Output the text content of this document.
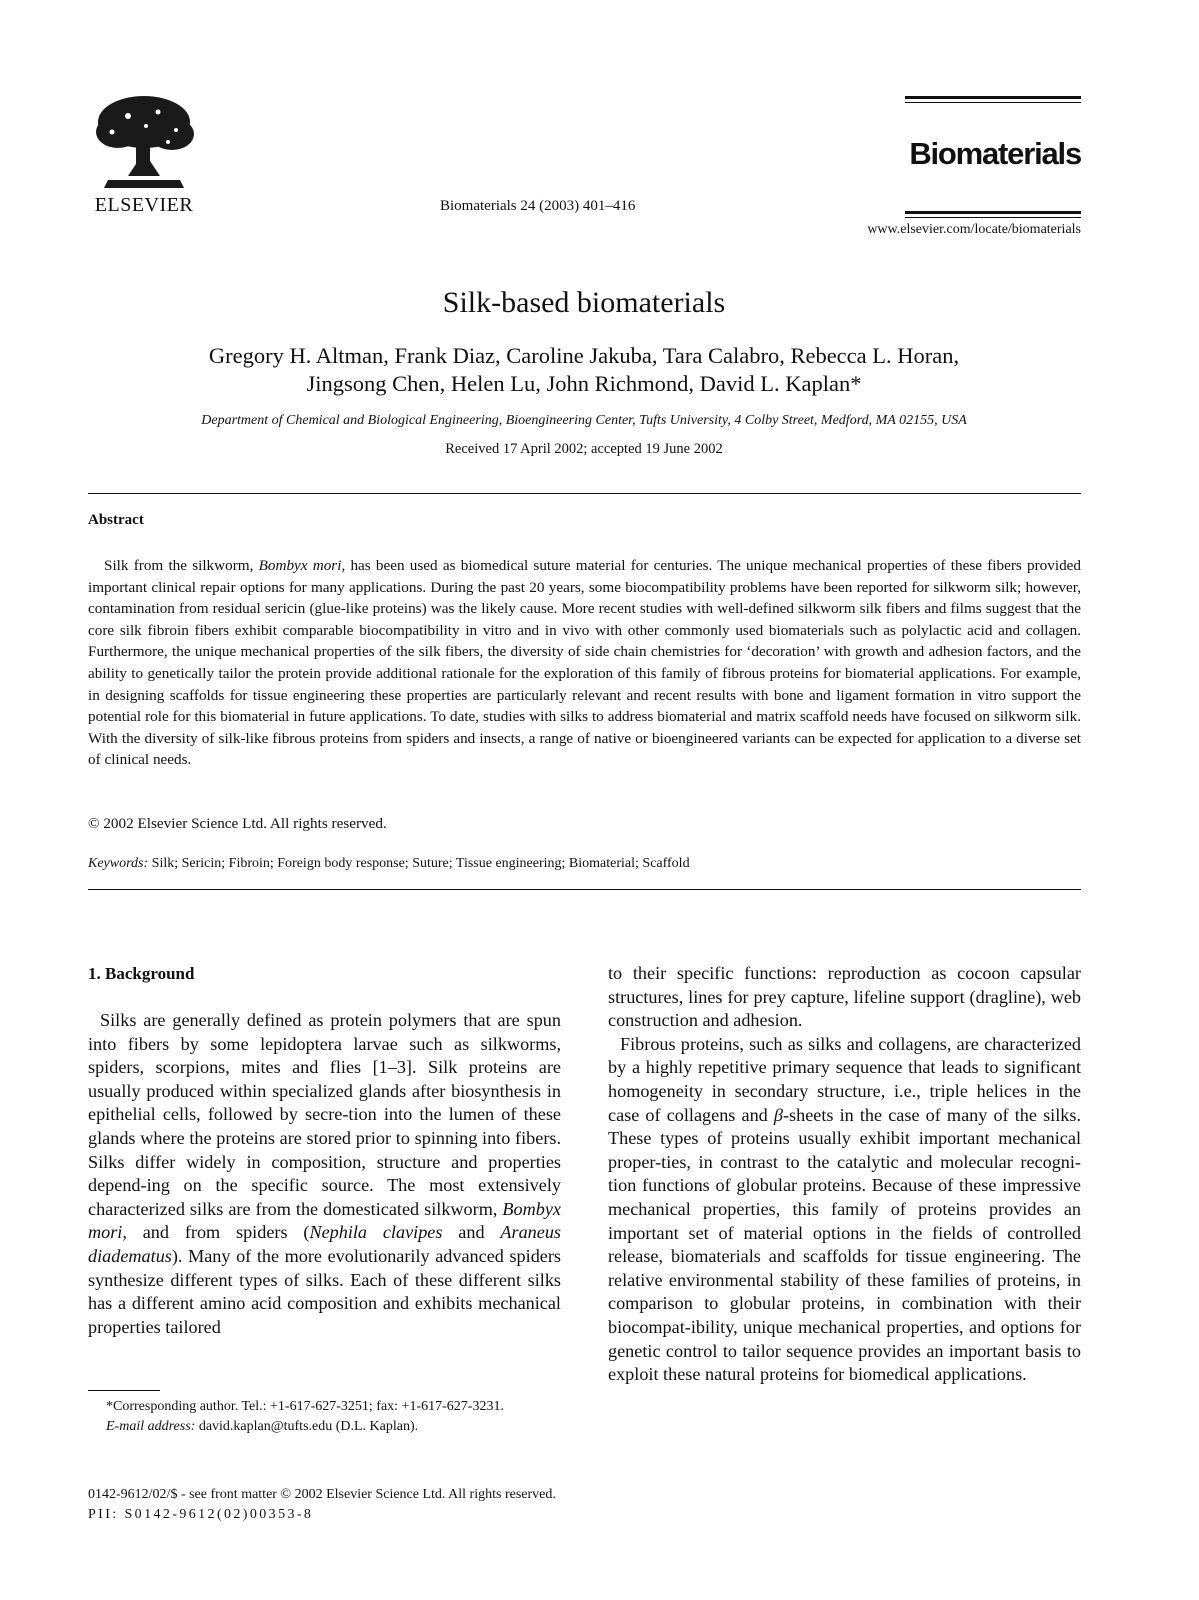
ELSEVIER	Biomaterials 24 (2003) 401–416
Biomaterials
www.elsevier.com/locate/biomaterials
Silk-based biomaterials
Gregory H. Altman, Frank Diaz, Caroline Jakuba, Tara Calabro, Rebecca L. Horan,
Jingsong Chen, Helen Lu, John Richmond, David L. Kaplan*
Department of Chemical and Biological Engineering, Bioengineering Center, Tufts University, 4 Colby Street, Medford, MA 02155, USA
Received 17 April 2002; accepted 19 June 2002
Abstract
Silk from the silkworm, Bombyx mori, has been used as biomedical suture material for centuries. The unique mechanical properties of these fibers provided important clinical repair options for many applications. During the past 20 years, some biocompatibility problems have been reported for silkworm silk; however, contamination from residual sericin (glue-like proteins) was the likely cause. More recent studies with well-defined silkworm silk fibers and films suggest that the core silk fibroin fibers exhibit comparable biocompatibility in vitro and in vivo with other commonly used biomaterials such as polylactic acid and collagen. Furthermore, the unique mechanical properties of the silk fibers, the diversity of side chain chemistries for ‘decoration’ with growth and adhesion factors, and the ability to genetically tailor the protein provide additional rationale for the exploration of this family of fibrous proteins for biomaterial applications. For example, in designing scaffolds for tissue engineering these properties are particularly relevant and recent results with bone and ligament formation in vitro support the potential role for this biomaterial in future applications. To date, studies with silks to address biomaterial and matrix scaffold needs have focused on silkworm silk. With the diversity of silk-like fibrous proteins from spiders and insects, a range of native or bioengineered variants can be expected for application to a diverse set of clinical needs.
© 2002 Elsevier Science Ltd. All rights reserved.
Keywords: Silk; Sericin; Fibroin; Foreign body response; Suture; Tissue engineering; Biomaterial; Scaffold
1. Background

Silks are generally defined as protein polymers that are spun into fibers by some lepidoptera larvae such as silkworms, spiders, scorpions, mites and flies [1–3]. Silk proteins are usually produced within specialized glands after biosynthesis in epithelial cells, followed by secre-tion into the lumen of these glands where the proteins are stored prior to spinning into fibers. Silks differ widely in composition, structure and properties depend-ing on the specific source. The most extensively characterized silks are from the domesticated silkworm, Bombyx mori, and from spiders (Nephila clavipes and Araneus diadematus). Many of the more evolutionarily advanced spiders synthesize different types of silks. Each of these different silks has a different amino acid composition and exhibits mechanical properties tailored

to their specific functions: reproduction as cocoon capsular structures, lines for prey capture, lifeline support (dragline), web construction and adhesion.

Fibrous proteins, such as silks and collagens, are characterized by a highly repetitive primary sequence that leads to significant homogeneity in secondary structure, i.e., triple helices in the case of collagens and β-sheets in the case of many of the silks. These types of proteins usually exhibit important mechanical proper-ties, in contrast to the catalytic and molecular recogni-tion functions of globular proteins. Because of these impressive mechanical properties, this family of proteins provides an important set of material options in the fields of controlled release, biomaterials and scaffolds for tissue engineering. The relative environmental stability of these families of proteins, in comparison to globular proteins, in combination with their biocompat-ibility, unique mechanical properties, and options for genetic control to tailor sequence provides an important basis to exploit these natural proteins for biomedical applications.

*Corresponding author. Tel.: +1-617-627-3251; fax: +1-617-627-3231.
E-mail address: david.kaplan@tufts.edu (D.L. Kaplan).
0142-9612/02/$ - see front matter © 2002 Elsevier Science Ltd. All rights reserved.
PII: S0142-9612(02)00353-8
